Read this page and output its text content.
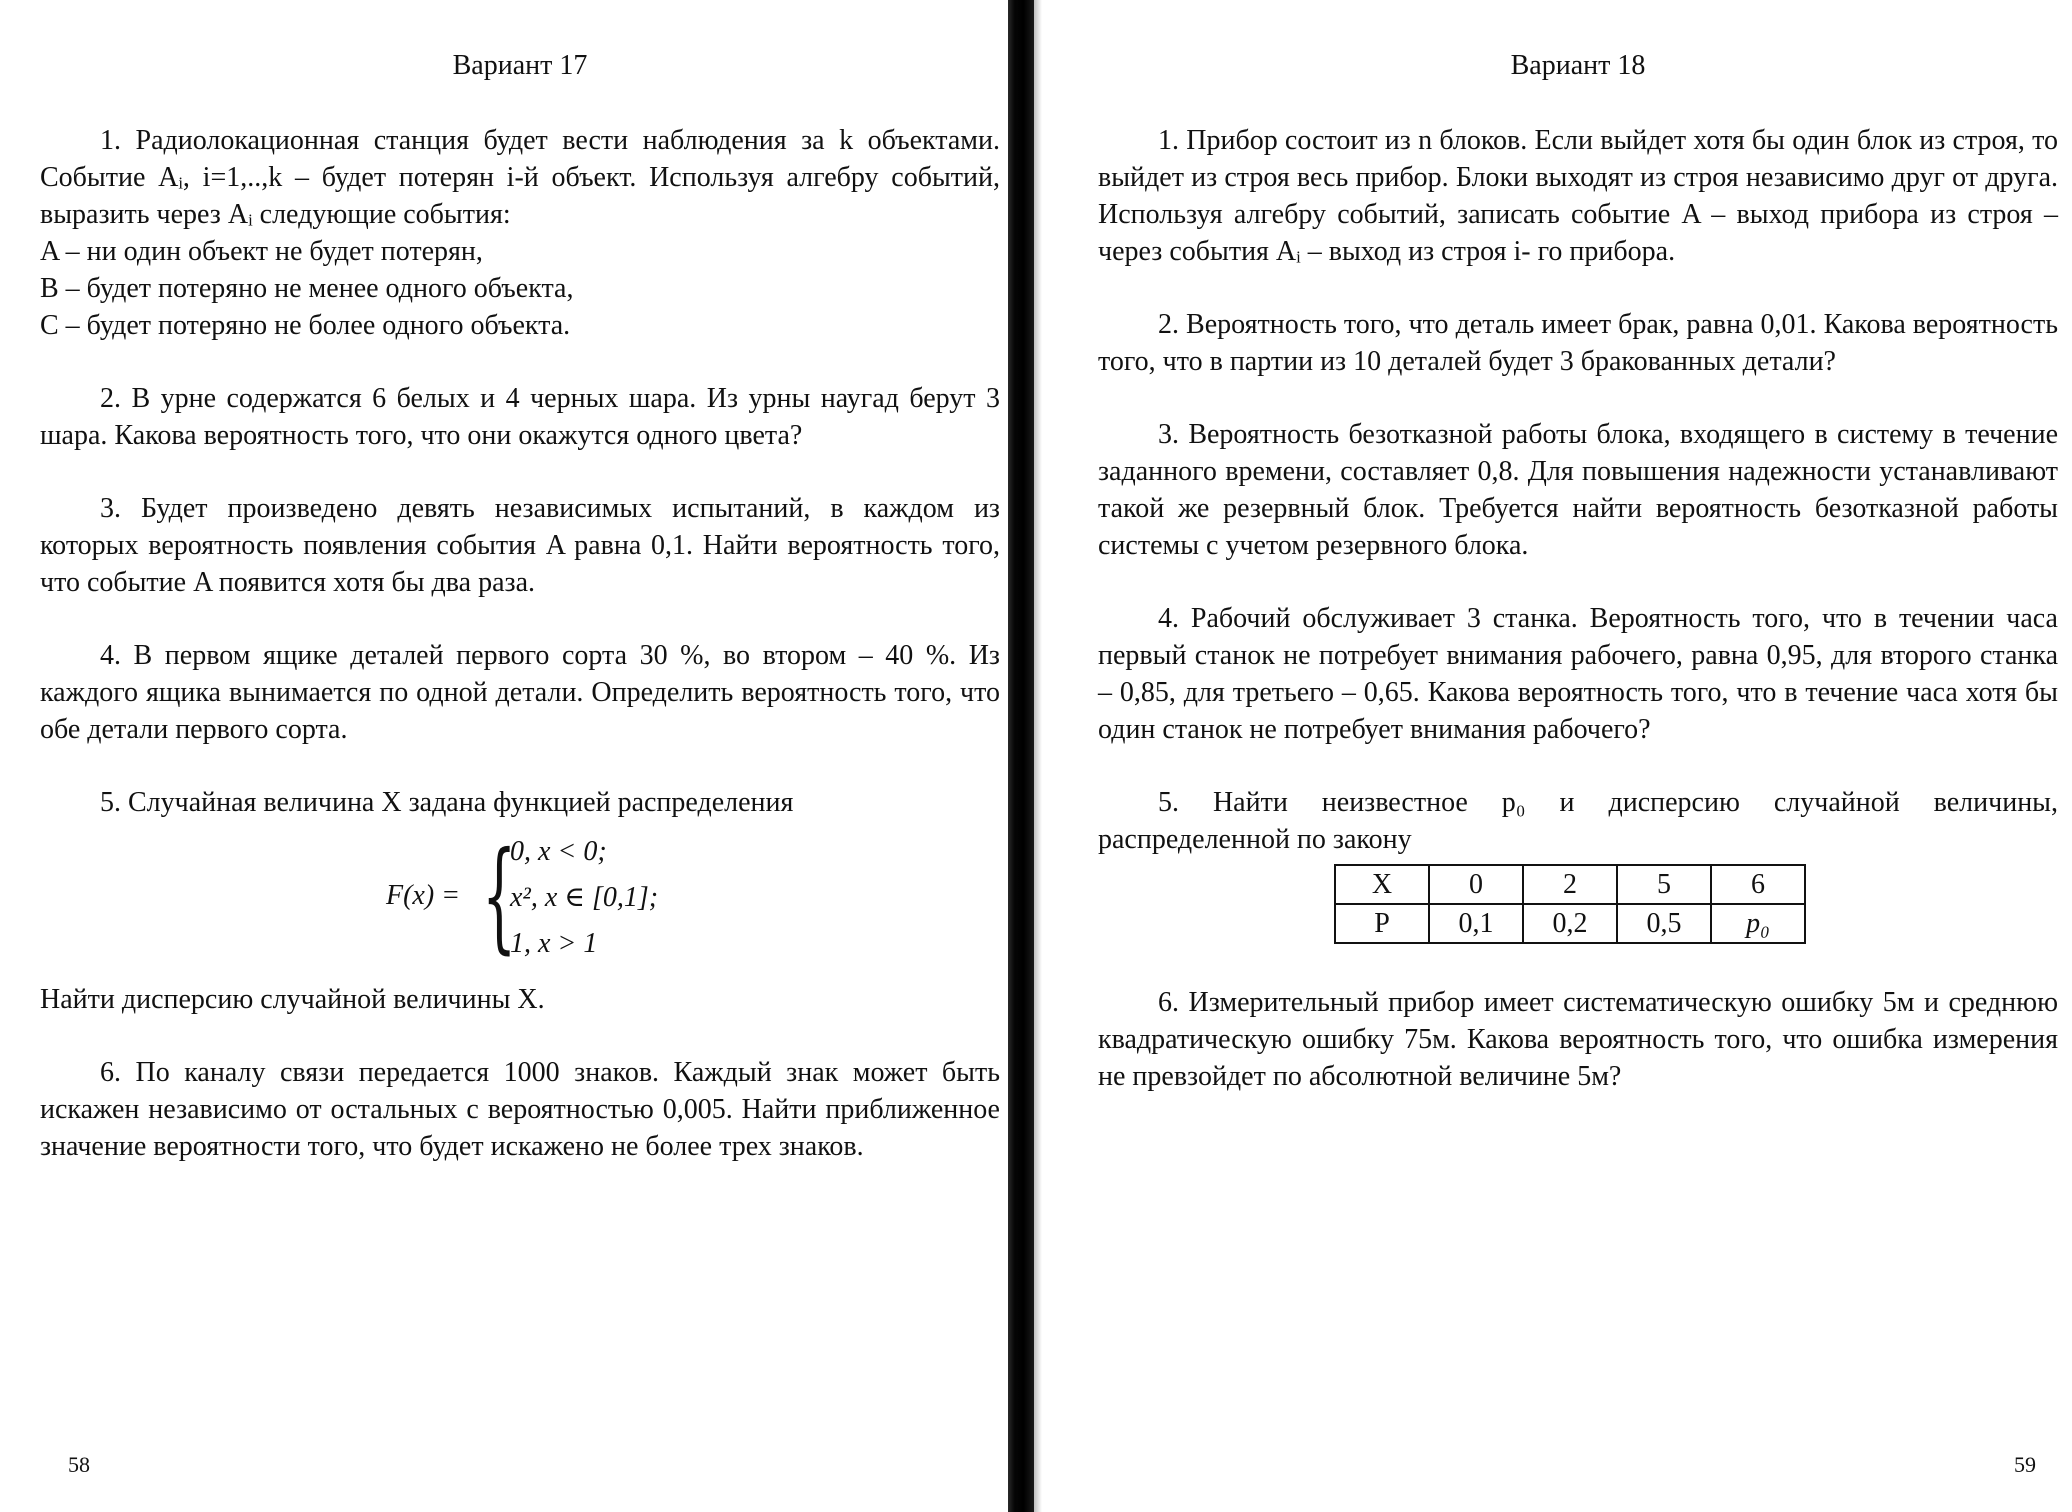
Вариант 17

1. Радиолокационная станция будет вести наблюдения за k объектами. Событие Aᵢ, i=1,..,k – будет потерян i-й объект. Используя алгебру событий, выразить через Aᵢ следующие события:

A – ни один объект не будет потерян,

B – будет потеряно не менее одного объекта,

C – будет потеряно не более одного объекта.

2. В урне содержатся 6 белых и 4 черных шара. Из урны наугад берут 3 шара. Какова вероятность того, что они окажутся одного цвета?

3. Будет произведено девять независимых испытаний, в каждом из которых вероятность появления события A равна 0,1. Найти вероятность того, что событие A появится хотя бы два раза.

4. В первом ящике деталей первого сорта 30 %, во втором – 40 %. Из каждого ящика вынимается по одной детали. Определить вероятность того, что обе детали первого сорта.

5. Случайная величина X задана функцией распределения

F(x) = {
0, x < 0;
x², x ∈ [0,1];
1, x > 1

Найти дисперсию случайной величины X.

6. По каналу связи передается 1000 знаков. Каждый знак может быть искажен независимо от остальных с вероятностью 0,005. Найти приближенное значение вероятности того, что будет искажено не более трех знаков.

58
Вариант 18

1. Прибор состоит из n блоков. Если выйдет хотя бы один блок из строя, то выйдет из строя весь прибор. Блоки выходят из строя независимо друг от друга. Используя алгебру событий, записать событие A – выход прибора из строя – через события Aᵢ – выход из строя i- го прибора.

2. Вероятность того, что деталь имеет брак, равна 0,01. Какова вероятность того, что в партии из 10 деталей будет 3 бракованных детали?

3. Вероятность безотказной работы блока, входящего в систему в течение заданного времени, составляет 0,8. Для повышения надежности устанавливают такой же резервный блок. Требуется найти вероятность безотказной работы системы с учетом резервного блока.

4. Рабочий обслуживает 3 станка. Вероятность того, что в течении часа первый станок не потребует внимания рабочего, равна 0,95, для второго станка – 0,85, для третьего – 0,65. Какова вероятность того, что в течение часа хотя бы один станок не потребует внимания рабочего?

5. Найти неизвестное p₀ и дисперсию случайной величины, распределенной по закону

X	0	2	5	6
P	0,1	0,2	0,5	p₀

6. Измерительный прибор имеет систематическую ошибку 5м и среднюю квадратическую ошибку 75м. Какова вероятность того, что ошибка измерения не превзойдет по абсолютной величине 5м?

59
